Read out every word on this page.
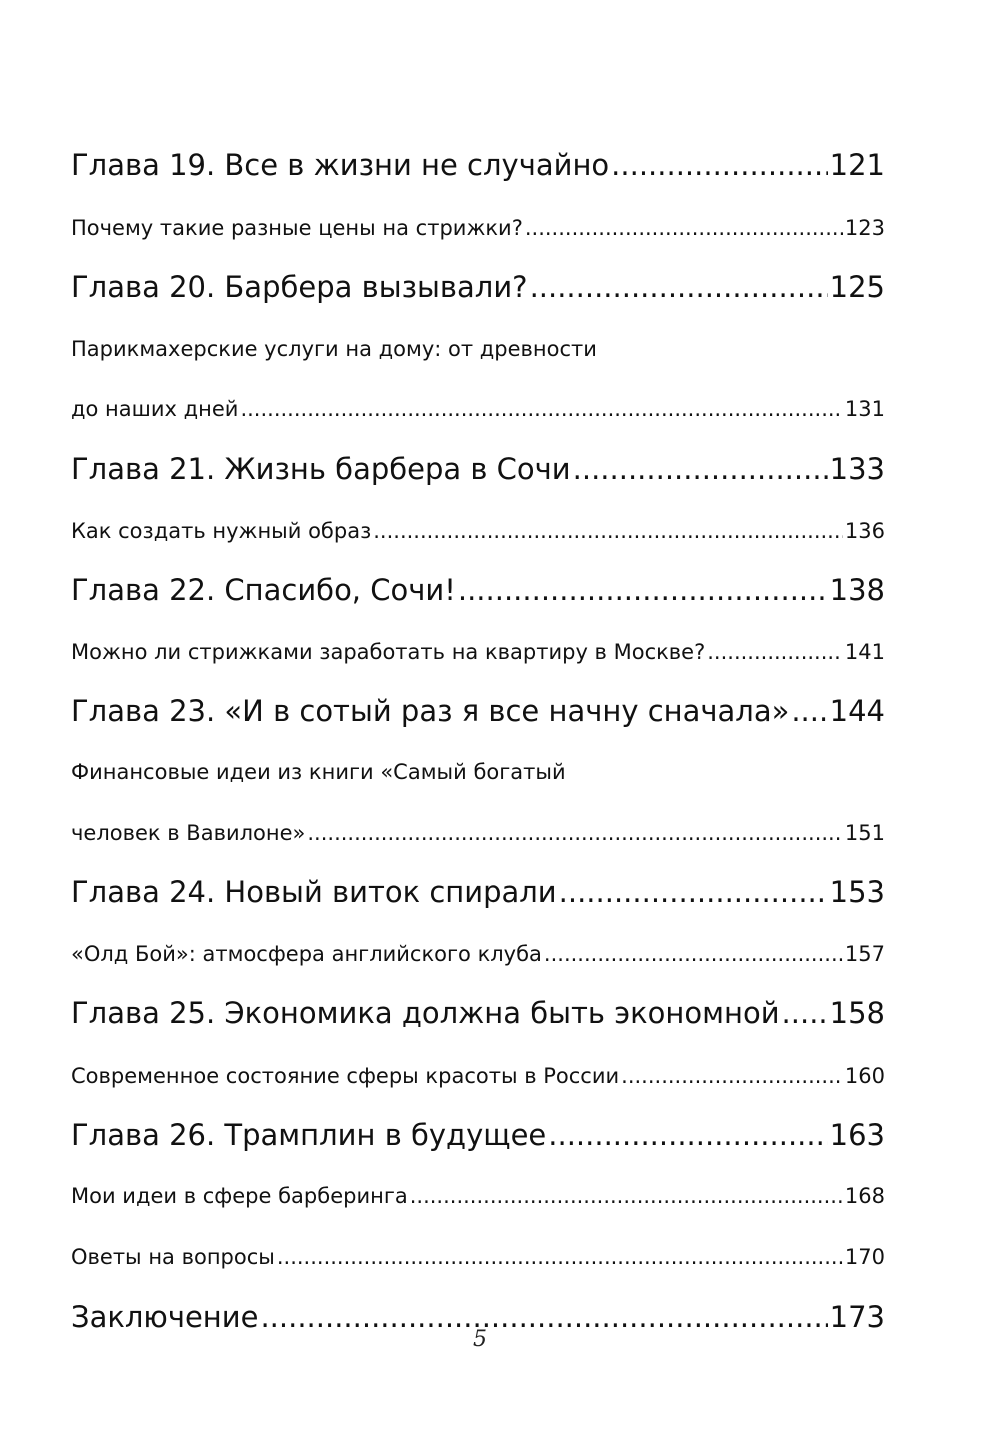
Глава 19. Все в жизни не случайно .....	121
Почему такие разные цены на стрижки? .....	123
Глава 20. Барбера вызывали? .....	125
Парикмахерские услуги на дому: от древности
до наших дней .....	131
Глава 21. Жизнь барбера в Сочи .....	133
Как создать нужный образ .....	136
Глава 22. Спасибо, Сочи! .....	138
Можно ли стрижками заработать на квартиру в Москве? .....	141
Глава 23. «И в сотый раз я все начну сначала» ..... 144
Финансовые идеи из книги «Самый богатый
человек в Вавилоне» .....	151
Глава 24. Новый виток спирали .....	153
«Олд Бой»: атмосфера английского клуба .....	157
Глава 25. Экономика должна быть экономной ..... 158
Современное состояние сферы красоты в России .....	160
Глава 26. Трамплин в будущее .....	163
Мои идеи в сфере барберинга .....	168
Оветы на вопросы .....	170
Заключение .....	173
5
